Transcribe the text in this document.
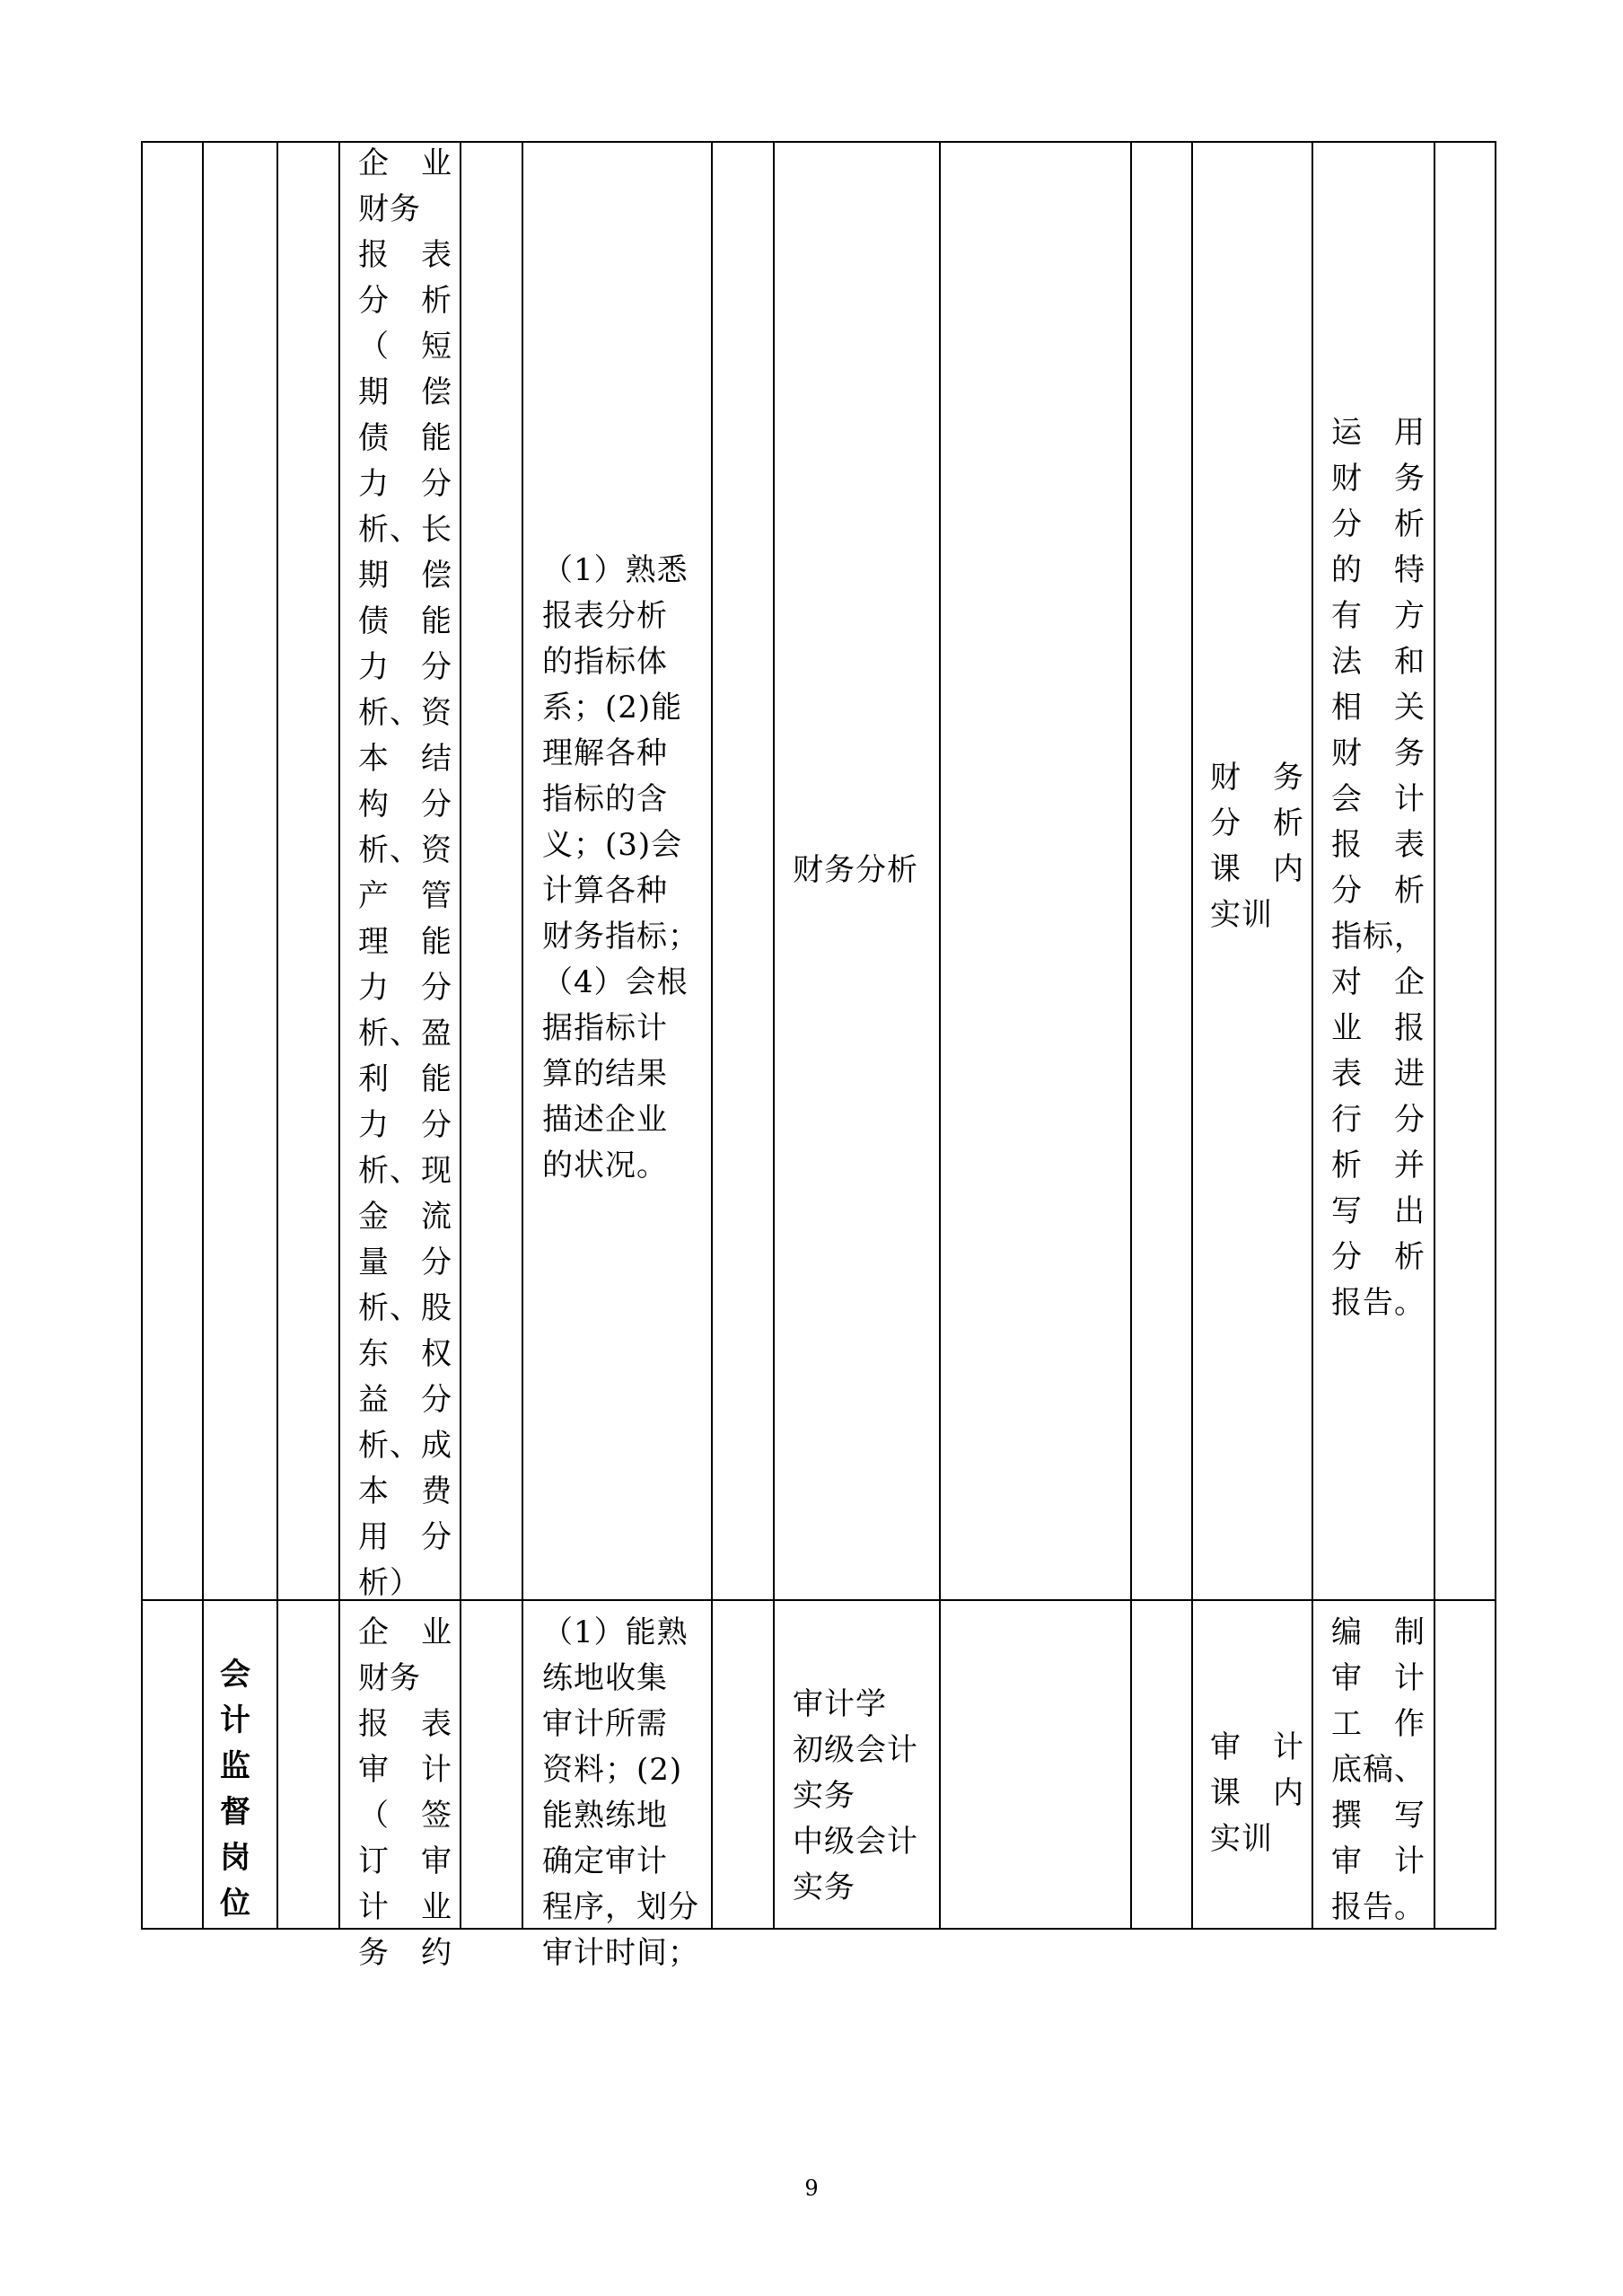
企　业
财务
报　表
分　析
（　短
期　偿
债　能
力　分
析、长
期　偿
债　能
力　分
析、资
本　结
构　分
析、资
产　管
理　能
力　分
析、盈
利　能
力　分
析、现
金　流
量　分
析、股
东　权
益　分
析、成
本　费
用　分
析）
（1）熟悉
报表分析
的指标体
系；(2)能
理解各种
指标的含
义；(3)会
计算各种
财务指标；
（4）会根
据指标计
算的结果
描述企业
的状况。
财务分析
财　务
分　析
课　内
实训
运　用
财　务
分　析
的　特
有　方
法　和
相　关
财　务
会　计
报　表
分　析
指标，
对　企
业　报
表　进
行　分
析　并
写　出
分　析
报告。
会
计
监
督
岗
位
企　业
财务
报　表
审　计
（　签
订　审
计　业
务　约
（1）能熟
练地收集
审计所需
资料；(2)
能熟练地
确定审计
程序，划分
审计时间；
审计学
初级会计
实务
中级会计
实务
审　计
课　内
实训
编　制
审　计
工　作
底稿、
撰　写
审　计
报告。
9
